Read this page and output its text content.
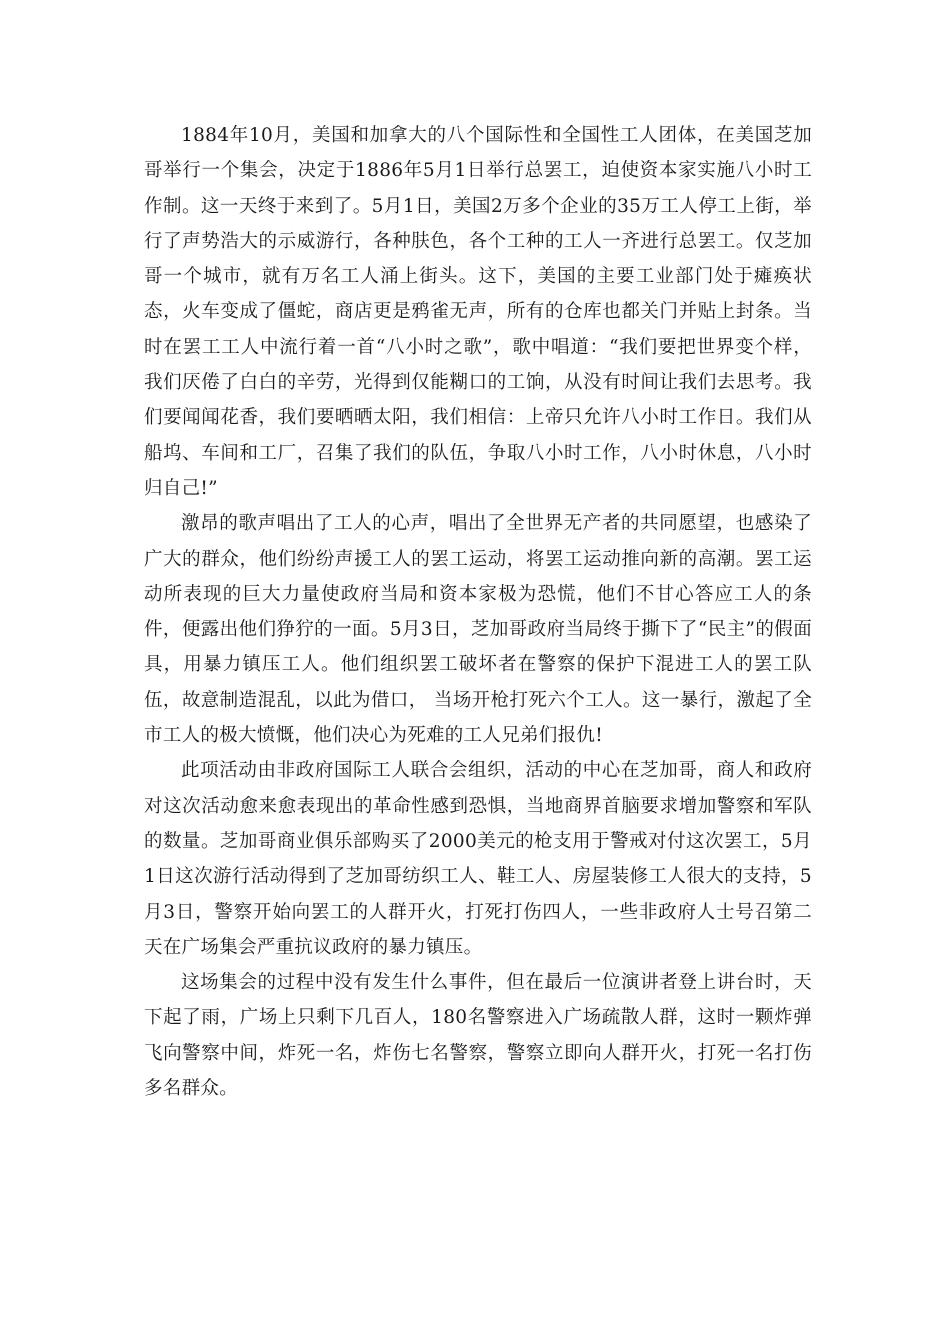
1884年10月，美国和加拿大的八个国际性和全国性工人团体，在美国芝加哥举行一个集会，决定于1886年5月1日举行总罢工，迫使资本家实施八小时工作制。这一天终于来到了。5月1日，美国2万多个企业的35万工人停工上街，举行了声势浩大的示威游行，各种肤色，各个工种的工人一齐进行总罢工。仅芝加哥一个城市，就有万名工人涌上街头。这下，美国的主要工业部门处于瘫痪状态，火车变成了僵蛇，商店更是鸦雀无声，所有的仓库也都关门并贴上封条。当时在罢工工人中流行着一首“八小时之歌”，歌中唱道：“我们要把世界变个样，我们厌倦了白白的辛劳，光得到仅能糊口的工饷，从没有时间让我们去思考。我们要闻闻花香，我们要晒晒太阳，我们相信：上帝只允许八小时工作日。我们从船坞、车间和工厂，召集了我们的队伍，争取八小时工作，八小时休息，八小时归自己!”

激昂的歌声唱出了工人的心声，唱出了全世界无产者的共同愿望，也感染了广大的群众，他们纷纷声援工人的罢工运动，将罢工运动推向新的高潮。罢工运动所表现的巨大力量使政府当局和资本家极为恐慌，他们不甘心答应工人的条件，便露出他们狰狞的一面。5月3日，芝加哥政府当局终于撕下了“民主”的假面具，用暴力镇压工人。他们组织罢工破坏者在警察的保护下混进工人的罢工队伍，故意制造混乱，以此为借口， 当场开枪打死六个工人。这一暴行，激起了全市工人的极大愤慨，他们决心为死难的工人兄弟们报仇!

此项活动由非政府国际工人联合会组织，活动的中心在芝加哥，商人和政府对这次活动愈来愈表现出的革命性感到恐惧，当地商界首脑要求增加警察和军队的数量。芝加哥商业俱乐部购买了2000美元的枪支用于警戒对付这次罢工，5月1日这次游行活动得到了芝加哥纺织工人、鞋工人、房屋装修工人很大的支持，5月3日，警察开始向罢工的人群开火，打死打伤四人，一些非政府人士号召第二天在广场集会严重抗议政府的暴力镇压。

这场集会的过程中没有发生什么事件，但在最后一位演讲者登上讲台时，天下起了雨，广场上只剩下几百人，180名警察进入广场疏散人群，这时一颗炸弹飞向警察中间，炸死一名，炸伤七名警察，警察立即向人群开火，打死一名打伤多名群众。
